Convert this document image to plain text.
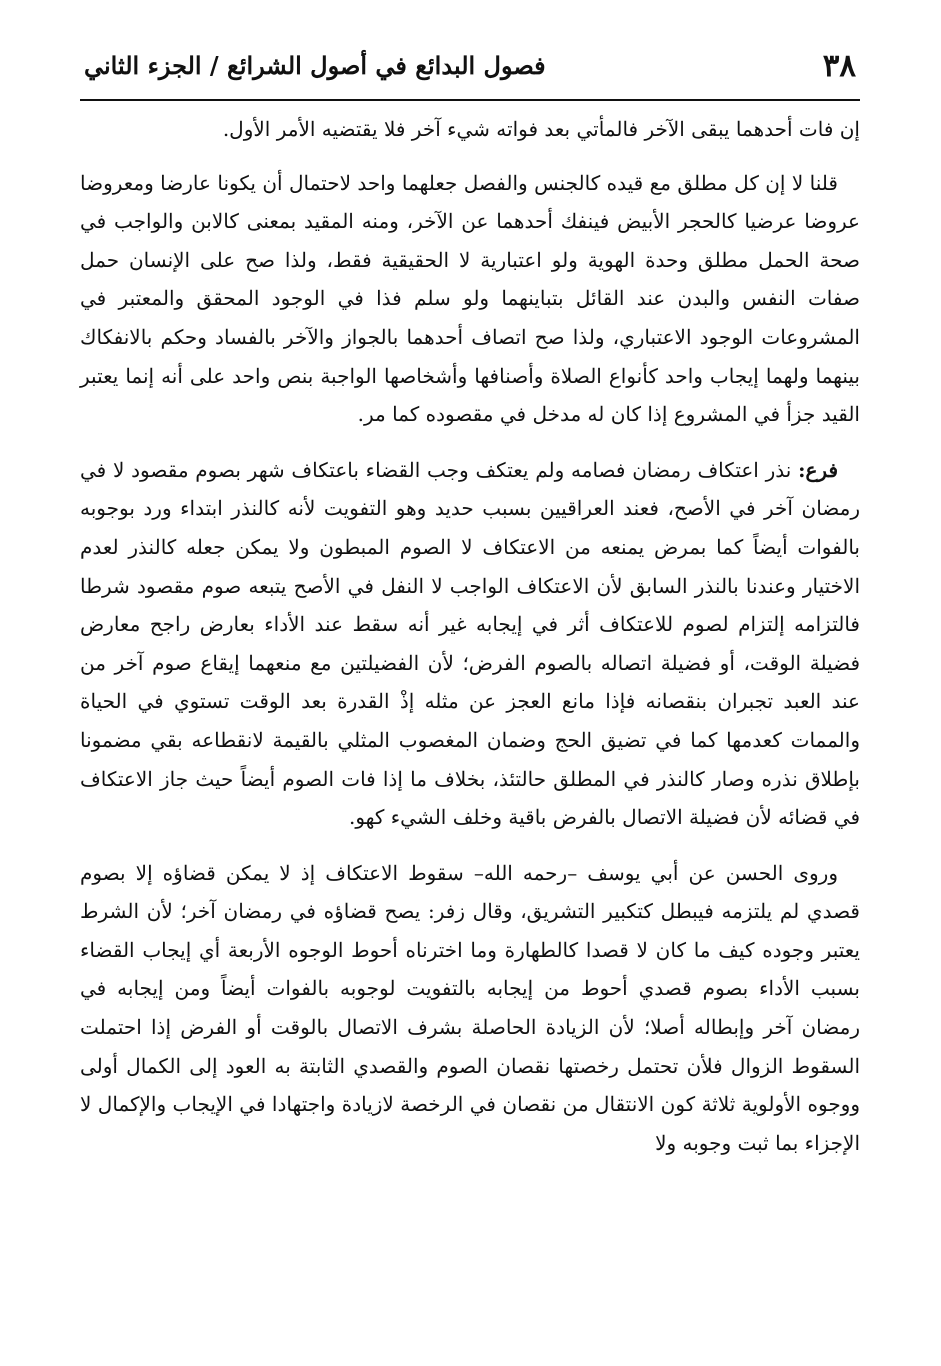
٣٨
فصول البدائع في أصول الشرائع / الجزء الثاني

إن فات أحدهما يبقى الآخر فالمأتي بعد فواته شيء آخر فلا يقتضيه الأمر الأول.

قلنا لا إن كل مطلق مع قيده كالجنس والفصل جعلهما واحد لاحتمال أن يكونا عارضا ومعروضا عروضا عرضيا كالحجر الأبيض فينفك أحدهما عن الآخر، ومنه المقيد بمعنى كالابن والواجب في صحة الحمل مطلق وحدة الهوية ولو اعتبارية لا الحقيقية فقط، ولذا صح على الإنسان حمل صفات النفس والبدن عند القائل بتباينهما ولو سلم فذا في الوجود المحقق والمعتبر في المشروعات الوجود الاعتباري، ولذا صح اتصاف أحدهما بالجواز والآخر بالفساد وحكم بالانفكاك بينهما ولهما إيجاب واحد كأنواع الصلاة وأصنافها وأشخاصها الواجبة بنص واحد على أنه إنما يعتبر القيد جزأ في المشروع إذا كان له مدخل في مقصوده كما مر.

فرع: نذر اعتكاف رمضان فصامه ولم يعتكف وجب القضاء باعتكاف شهر بصوم مقصود لا في رمضان آخر في الأصح، فعند العراقيين بسبب حديد وهو التفويت لأنه كالنذر ابتداء ورد بوجوبه بالفوات أيضاً كما بمرض يمنعه من الاعتكاف لا الصوم المبطون ولا يمكن جعله كالنذر لعدم الاختيار وعندنا بالنذر السابق لأن الاعتكاف الواجب لا النفل في الأصح يتبعه صوم مقصود شرطا فالتزامه إلتزام لصوم للاعتكاف أثر في إيجابه غير أنه سقط عند الأداء بعارض راجح معارض فضيلة الوقت، أو فضيلة اتصاله بالصوم الفرض؛ لأن الفضيلتين مع منعهما إيقاع صوم آخر من عند العبد تجبران بنقصانه فإذا مانع العجز عن مثله إذْ القدرة بعد الوقت تستوي في الحياة والممات كعدمها كما في تضيق الحج وضمان المغصوب المثلي بالقيمة لانقطاعه بقي مضمونا بإطلاق نذره وصار كالنذر في المطلق حالتئذ، بخلاف ما إذا فات الصوم أيضاً حيث جاز الاعتكاف في قضائه لأن فضيلة الاتصال بالفرض باقية وخلف الشيء كهو.

وروى الحسن عن أبي يوسف –رحمه الله– سقوط الاعتكاف إذ لا يمكن قضاؤه إلا بصوم قصدي لم يلتزمه فيبطل كتكبير التشريق، وقال زفر: يصح قضاؤه في رمضان آخر؛ لأن الشرط يعتبر وجوده كيف ما كان لا قصدا كالطهارة وما اخترناه أحوط الوجوه الأربعة أي إيجاب القضاء بسبب الأداء بصوم قصدي أحوط من إيجابه بالتفويت لوجوبه بالفوات أيضاً ومن إيجابه في رمضان آخر وإبطاله أصلا؛ لأن الزيادة الحاصلة بشرف الاتصال بالوقت أو الفرض إذا احتملت السقوط الزوال فلأن تحتمل رخصتها نقصان الصوم والقصدي الثابتة به العود إلى الكمال أولى ووجوه الأولوية ثلاثة كون الانتقال من نقصان في الرخصة لازيادة واجتهادا في الإيجاب والإكمال لا الإجزاء بما ثبت وجوبه ولا
